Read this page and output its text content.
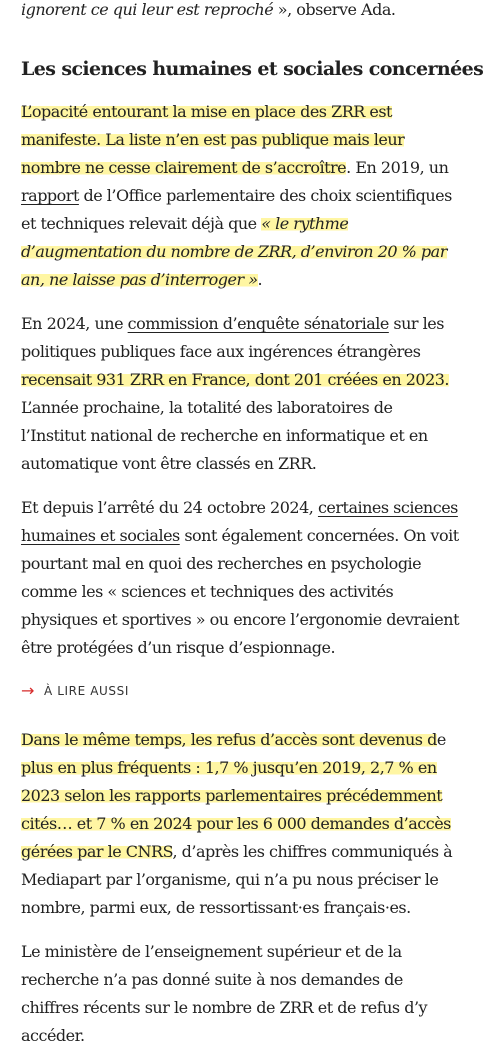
ignorent ce qui leur est reproché », observe Ada.

Les sciences humaines et sociales concernées

L’opacité entourant la mise en place des ZRR est
manifeste. La liste n’en est pas publique mais leur
nombre ne cesse clairement de s’accroître. En 2019, un
rapport de l’Office parlementaire des choix scientifiques
et techniques relevait déjà que « le rythme
d’augmentation du nombre de ZRR, d’environ 20 % par
an, ne laisse pas d’interroger ».

En 2024, une commission d’enquête sénatoriale sur les
politiques publiques face aux ingérences étrangères
recensait 931 ZRR en France, dont 201 créées en 2023.
L’année prochaine, la totalité des laboratoires de
l’Institut national de recherche en informatique et en
automatique vont être classés en ZRR.

Et depuis l’arrêté du 24 octobre 2024, certaines sciences
humaines et sociales sont également concernées. On voit
pourtant mal en quoi des recherches en psychologie
comme les « sciences et techniques des activités
physiques et sportives » ou encore l’ergonomie devraient
être protégées d’un risque d’espionnage.

→ À LIRE AUSSI

Dans le même temps, les refus d’accès sont devenus de
plus en plus fréquents : 1,7 % jusqu’en 2019, 2,7 % en
2023 selon les rapports parlementaires précédemment
cités… et 7 % en 2024 pour les 6 000 demandes d’accès
gérées par le CNRS, d’après les chiffres communiqués à
Mediapart par l’organisme, qui n’a pu nous préciser le
nombre, parmi eux, de ressortissant·es français·es.

Le ministère de l’enseignement supérieur et de la
recherche n’a pas donné suite à nos demandes de
chiffres récents sur le nombre de ZRR et de refus d’y
accéder.
